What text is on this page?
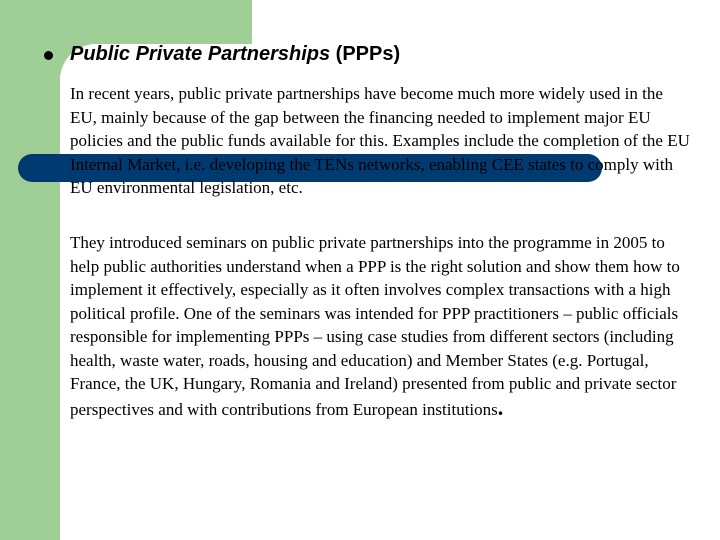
Public Private Partnerships (PPPs)
In recent years, public private partnerships have become much more widely used in the EU, mainly because of the gap between the financing needed to implement major EU policies and the public funds available for this. Examples include the completion of the EU Internal Market, i.e. developing the TENs networks, enabling CEE states to comply with EU environmental legislation, etc.
They introduced seminars on public private partnerships into the programme in 2005 to help public authorities understand when a PPP is the right solution and show them how to implement it effectively, especially as it often involves complex transactions with a high political profile. One of the seminars was intended for PPP practitioners – public officials responsible for implementing PPPs – using case studies from different sectors (including health, waste water, roads, housing and education) and Member States (e.g. Portugal, France, the UK, Hungary, Romania and Ireland) presented from public and private sector perspectives and with contributions from European institutions.
